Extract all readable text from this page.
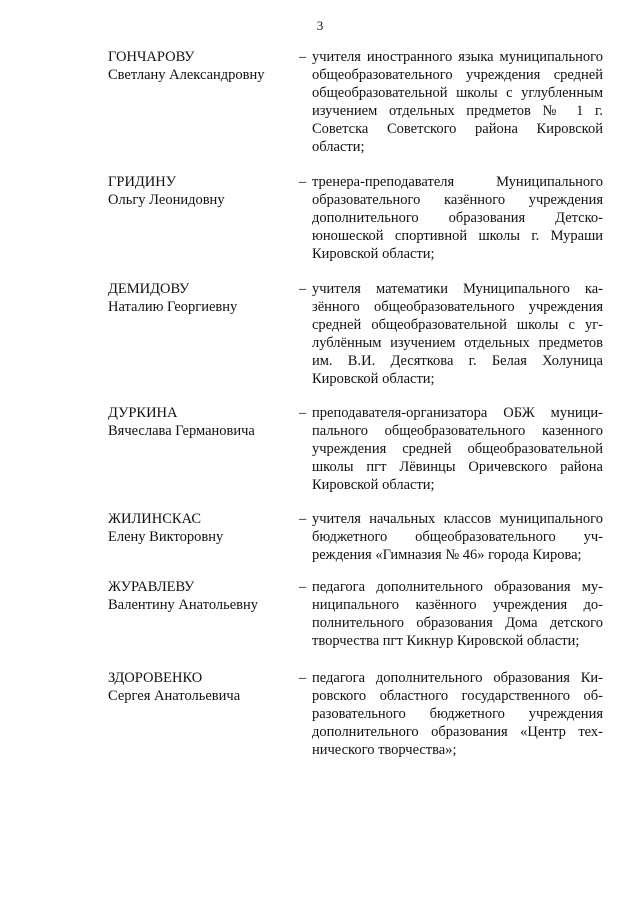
3
ГОНЧАРОВУ
Светлану Александровну
– учителя иностранного языка муниципального общеобразовательного учреждения средней общеобразовательной школы с углубленным изучением отдельных предметов № 1 г. Советска Советского района Кировской области;

ГРИДИНУ
Ольгу Леонидовну
– тренера-преподавателя Муниципального образовательного казённого учреждения дополнительного образования Детско-юношеской спортивной школы г. Мураши Кировской области;

ДЕМИДОВУ
Наталию Георгиевну
– учителя математики Муниципального казённого общеобразовательного учреждения средней общеобразовательной школы с углублённым изучением отдельных предметов им. В.И. Десяткова г. Белая Холуница Кировской области;

ДУРКИНА
Вячеслава Германовича
– преподавателя-организатора ОБЖ муниципального общеобразовательного казенного учреждения средней общеобразовательной школы пгт Лёвинцы Оричевского района Кировской области;

ЖИЛИНСКАС
Елену Викторовну
– учителя начальных классов муниципального бюджетного общеобразовательного учреждения «Гимназия № 46» города Кирова;

ЖУРАВЛЕВУ
Валентину Анатольевну
– педагога дополнительного образования муниципального казённого учреждения дополнительного образования Дома детского творчества пгт Кикнур Кировской области;

ЗДОРОВЕНКО
Сергея Анатольевича
– педагога дополнительного образования Кировского областного государственного образовательного бюджетного учреждения дополнительного образования «Центр технического творчества»;
